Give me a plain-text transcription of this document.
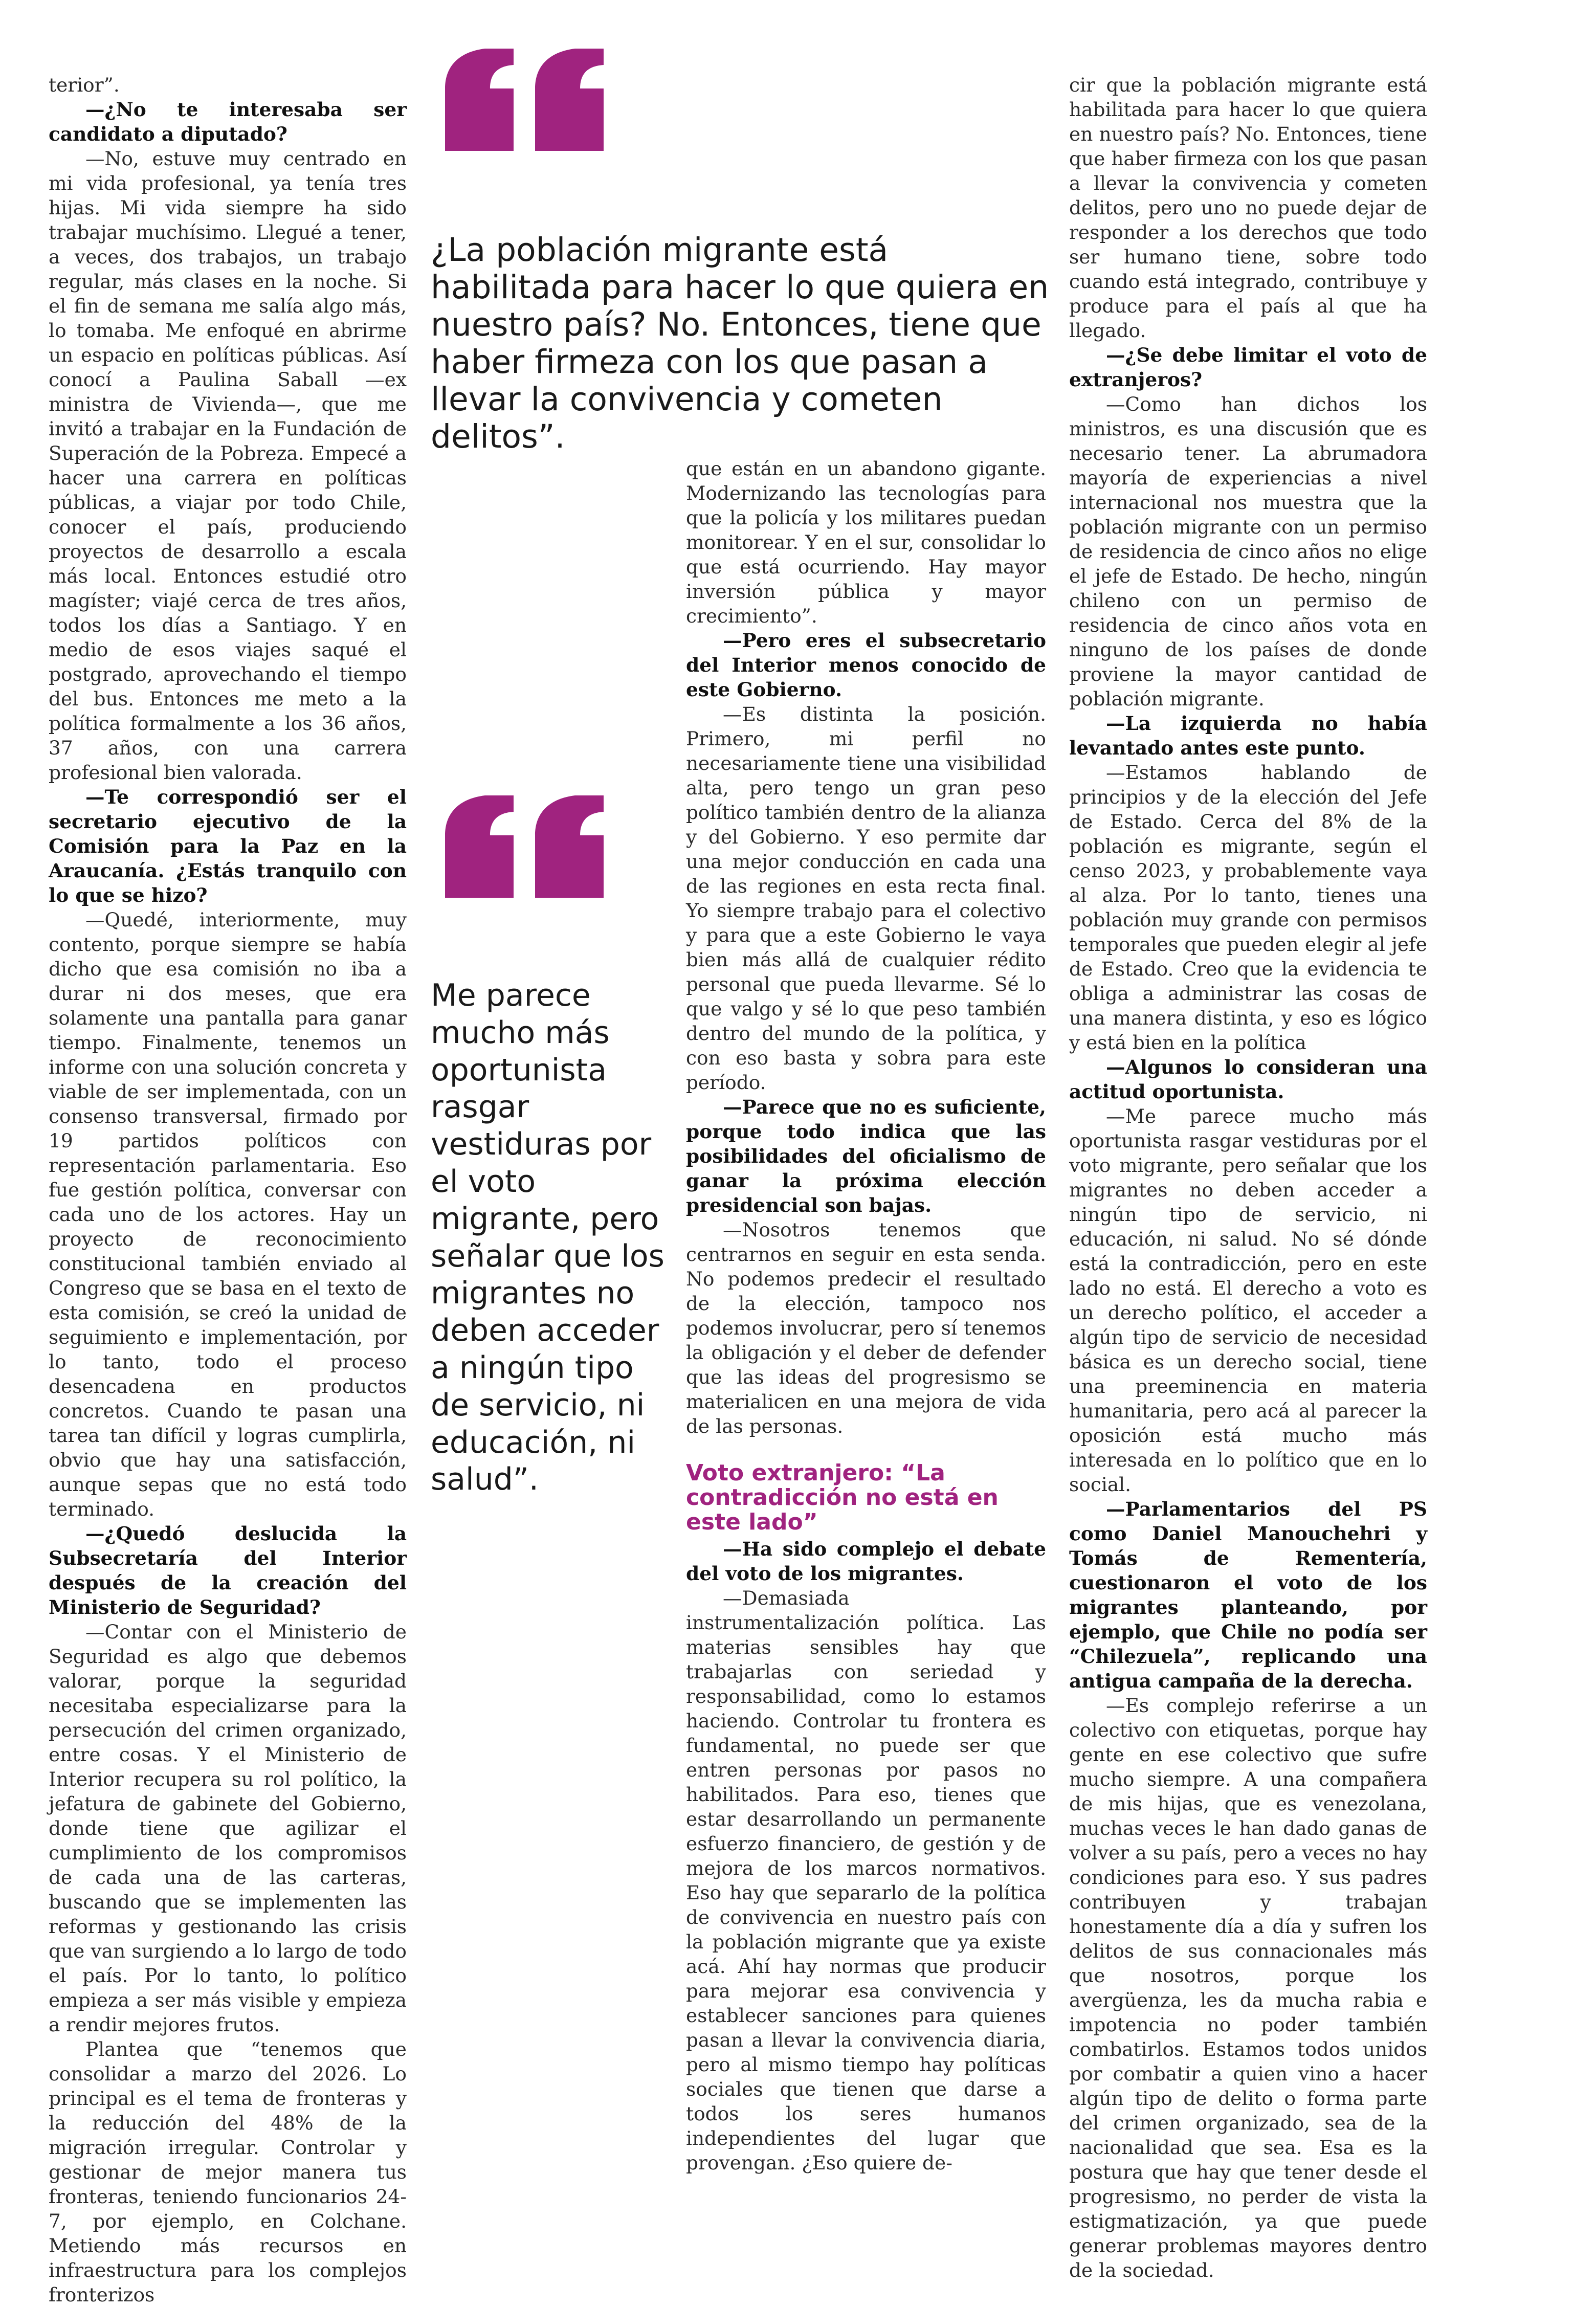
terior”.

—¿No te interesaba ser candidato a diputado?

—No, estuve muy centrado en mi vida profesional, ya tenía tres hijas. Mi vida siempre ha sido trabajar muchísimo. Llegué a tener, a veces, dos trabajos, un trabajo regular, más clases en la noche. Si el fin de semana me salía algo más, lo tomaba. Me enfoqué en abrirme un espacio en políticas públicas. Así conocí a Paulina Saball —ex ministra de Vivienda—, que me invitó a trabajar en la Fundación de Superación de la Pobreza. Empecé a hacer una carrera en políticas públicas, a viajar por todo Chile, conocer el país, produciendo proyectos de desarrollo a escala más local. Entonces estudié otro magíster; viajé cerca de tres años, todos los días a Santiago. Y en medio de esos viajes saqué el postgrado, aprovechando el tiempo del bus. Entonces me meto a la política formalmente a los 36 años, 37 años, con una carrera profesional bien valorada.

—Te correspondió ser el secretario ejecutivo de la Comisión para la Paz en la Araucanía. ¿Estás tranquilo con lo que se hizo?

—Quedé, interiormente, muy contento, porque siempre se había dicho que esa comisión no iba a durar ni dos meses, que era solamente una pantalla para ganar tiempo. Finalmente, tenemos un informe con una solución concreta y viable de ser implementada, con un consenso transversal, firmado por 19 partidos políticos con representación parlamentaria. Eso fue gestión política, conversar con cada uno de los actores. Hay un proyecto de reconocimiento constitucional también enviado al Congreso que se basa en el texto de esta comisión, se creó la unidad de seguimiento e implementación, por lo tanto, todo el proceso desencadena en productos concretos. Cuando te pasan una tarea tan difícil y logras cumplirla, obvio que hay una satisfacción, aunque sepas que no está todo terminado.

—¿Quedó deslucida la Subsecretaría del Interior después de la creación del Ministerio de Seguridad?

—Contar con el Ministerio de Seguridad es algo que debemos valorar, porque la seguridad necesitaba especializarse para la persecución del crimen organizado, entre cosas. Y el Ministerio de Interior recupera su rol político, la jefatura de gabinete del Gobierno, donde tiene que agilizar el cumplimiento de los compromisos de cada una de las carteras, buscando que se implementen las reformas y gestionando las crisis que van surgiendo a lo largo de todo el país. Por lo tanto, lo político empieza a ser más visible y empieza a rendir mejores frutos.

Plantea que “tenemos que consolidar a marzo del 2026. Lo principal es el tema de fronteras y la reducción del 48% de la migración irregular. Controlar y gestionar de mejor manera tus fronteras, teniendo funcionarios 24-7, por ejemplo, en Colchane. Metiendo más recursos en infraestructura para los complejos fronterizos

¿La población migrante está habilitada para hacer lo que quiera en nuestro país? No. Entonces, tiene que haber firmeza con los que pasan a llevar la convivencia y cometen delitos”.
Me parece mucho más oportunista rasgar vestiduras por el voto migrante, pero señalar que los migrantes no deben acceder a ningún tipo de servicio, ni educación, ni salud”.

que están en un abandono gigante. Modernizando las tecnologías para que la policía y los militares puedan monitorear. Y en el sur, consolidar lo que está ocurriendo. Hay mayor inversión pública y mayor crecimiento”.

—Pero eres el subsecretario del Interior menos conocido de este Gobierno.

—Es distinta la posición. Primero, mi perfil no necesariamente tiene una visibilidad alta, pero tengo un gran peso político también dentro de la alianza y del Gobierno. Y eso permite dar una mejor conducción en cada una de las regiones en esta recta final. Yo siempre trabajo para el colectivo y para que a este Gobierno le vaya bien más allá de cualquier rédito personal que pueda llevarme. Sé lo que valgo y sé lo que peso también dentro del mundo de la política, y con eso basta y sobra para este período.

—Parece que no es suficiente, porque todo indica que las posibilidades del oficialismo de ganar la próxima elección presidencial son bajas.

—Nosotros tenemos que centrarnos en seguir en esta senda. No podemos predecir el resultado de la elección, tampoco nos podemos involucrar, pero sí tenemos la obligación y el deber de defender que las ideas del progresismo se materialicen en una mejora de vida de las personas.

Voto extranjero: “La contradicción no está en este lado”

—Ha sido complejo el debate del voto de los migrantes.

—Demasiada instrumentalización política. Las materias sensibles hay que trabajarlas con seriedad y responsabilidad, como lo estamos haciendo. Controlar tu frontera es fundamental, no puede ser que entren personas por pasos no habilitados. Para eso, tienes que estar desarrollando un permanente esfuerzo financiero, de gestión y de mejora de los marcos normativos. Eso hay que separarlo de la política de convivencia en nuestro país con la población migrante que ya existe acá. Ahí hay normas que producir para mejorar esa convivencia y establecer sanciones para quienes pasan a llevar la convivencia diaria, pero al mismo tiempo hay políticas sociales que tienen que darse a todos los seres humanos independientes del lugar que provengan. ¿Eso quiere de-

cir que la población migrante está habilitada para hacer lo que quiera en nuestro país? No. Entonces, tiene que haber firmeza con los que pasan a llevar la convivencia y cometen delitos, pero uno no puede dejar de responder a los derechos que todo ser humano tiene, sobre todo cuando está integrado, contribuye y produce para el país al que ha llegado.

—¿Se debe limitar el voto de extranjeros?

—Como han dichos los ministros, es una discusión que es necesario tener. La abrumadora mayoría de experiencias a nivel internacional nos muestra que la población migrante con un permiso de residencia de cinco años no elige el jefe de Estado. De hecho, ningún chileno con un permiso de residencia de cinco años vota en ninguno de los países de donde proviene la mayor cantidad de población migrante.

—La izquierda no había levantado antes este punto.

—Estamos hablando de principios y de la elección del Jefe de Estado. Cerca del 8% de la población es migrante, según el censo 2023, y probablemente vaya al alza. Por lo tanto, tienes una población muy grande con permisos temporales que pueden elegir al jefe de Estado. Creo que la evidencia te obliga a administrar las cosas de una manera distinta, y eso es lógico y está bien en la política

—Algunos lo consideran una actitud oportunista.

—Me parece mucho más oportunista rasgar vestiduras por el voto migrante, pero señalar que los migrantes no deben acceder a ningún tipo de servicio, ni educación, ni salud. No sé dónde está la contradicción, pero en este lado no está. El derecho a voto es un derecho político, el acceder a algún tipo de servicio de necesidad básica es un derecho social, tiene una preeminencia en materia humanitaria, pero acá al parecer la oposición está mucho más interesada en lo político que en lo social.

—Parlamentarios del PS como Daniel Manouchehri y Tomás de Rementería, cuestionaron el voto de los migrantes planteando, por ejemplo, que Chile no podía ser “Chilezuela”, replicando una antigua campaña de la derecha.

—Es complejo referirse a un colectivo con etiquetas, porque hay gente en ese colectivo que sufre mucho siempre. A una compañera de mis hijas, que es venezolana, muchas veces le han dado ganas de volver a su país, pero a veces no hay condiciones para eso. Y sus padres contribuyen y trabajan honestamente día a día y sufren los delitos de sus connacionales más que nosotros, porque los avergüenza, les da mucha rabia e impotencia no poder también combatirlos. Estamos todos unidos por combatir a quien vino a hacer algún tipo de delito o forma parte del crimen organizado, sea de la nacionalidad que sea. Esa es la postura que hay que tener desde el progresismo, no perder de vista la estigmatización, ya que puede generar problemas mayores dentro de la sociedad.
